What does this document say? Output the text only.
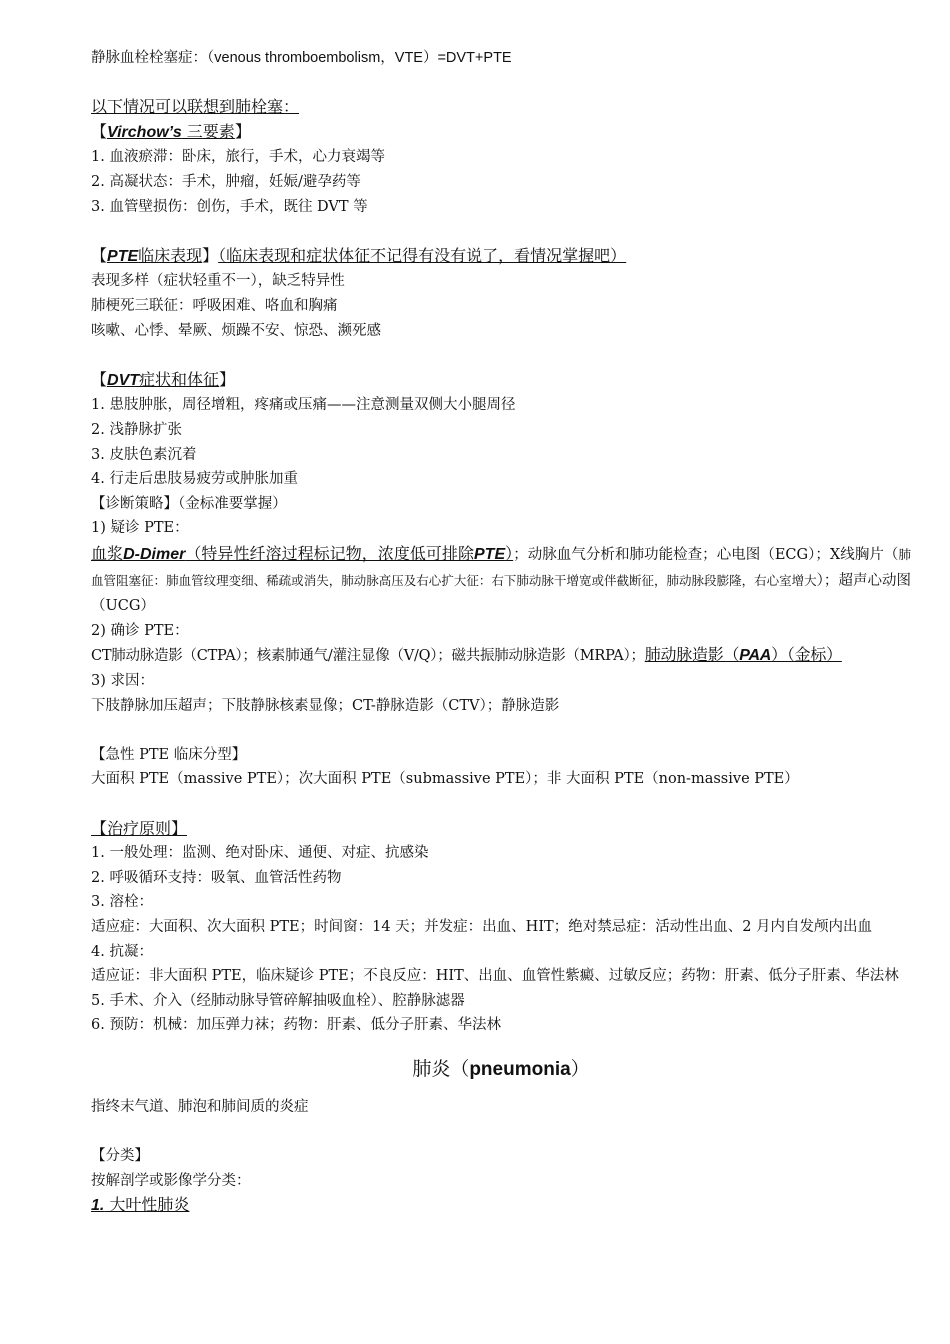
静脉血栓栓塞症：（venous thromboembolism，VTE）=DVT+PTE

以下情况可以联想到肺栓塞：

【Virchow’s 三要素】

1. 血液瘀滞：卧床，旅行，手术，心力衰竭等

2. 高凝状态：手术，肿瘤，妊娠/避孕药等

3. 血管壁损伤：创伤，手术，既往 DVT 等

【PTE临床表现】（临床表现和症状体征不记得有没有说了，看情况掌握吧）

表现多样（症状轻重不一），缺乏特异性

肺梗死三联征：呼吸困难、咯血和胸痛

咳嗽、心悸、晕厥、烦躁不安、惊恐、濒死感

【DVT症状和体征】

1. 患肢肿胀，周径增粗，疼痛或压痛——注意测量双侧大小腿周径

2. 浅静脉扩张

3. 皮肤色素沉着

4. 行走后患肢易疲劳或肿胀加重

【诊断策略】（金标准要掌握）

1) 疑诊 PTE：

血浆D-Dimer（特异性纤溶过程标记物，浓度低可排除PTE）；动脉血气分析和肺功能检查；心电图（ECG）；X线胸片（肺血管阻塞征：肺血管纹理变细、稀疏或消失，肺动脉高压及右心扩大征：右下肺动脉干增宽或伴截断征，肺动脉段膨隆，右心室增大）；超声心动图（UCG）

2) 确诊 PTE：

CT肺动脉造影（CTPA）；核素肺通气/灌注显像（V/Q）；磁共振肺动脉造影（MRPA）；肺动脉造影（PAA）（金标）

3) 求因：

下肢静脉加压超声；下肢静脉核素显像；CT-静脉造影（CTV）；静脉造影

【急性 PTE 临床分型】

大面积 PTE（massive PTE）；次大面积 PTE（submassive PTE）；非 大面积 PTE（non-massive PTE）

【治疗原则】

1. 一般处理：监测、绝对卧床、通便、对症、抗感染

2. 呼吸循环支持：吸氧、血管活性药物

3. 溶栓：

适应症：大面积、次大面积 PTE；时间窗：14 天；并发症：出血、HIT；绝对禁忌症：活动性出血、2 月内自发颅内出血

4. 抗凝：

适应证：非大面积 PTE，临床疑诊 PTE；不良反应：HIT、出血、血管性紫癜、过敏反应；药物：肝素、低分子肝素、华法林

5. 手术、介入（经肺动脉导管碎解抽吸血栓）、腔静脉滤器

6. 预防：机械：加压弹力袜；药物：肝素、低分子肝素、华法林

肺炎（pneumonia）

指终末气道、肺泡和肺间质的炎症

【分类】

按解剖学或影像学分类：

1. 大叶性肺炎
